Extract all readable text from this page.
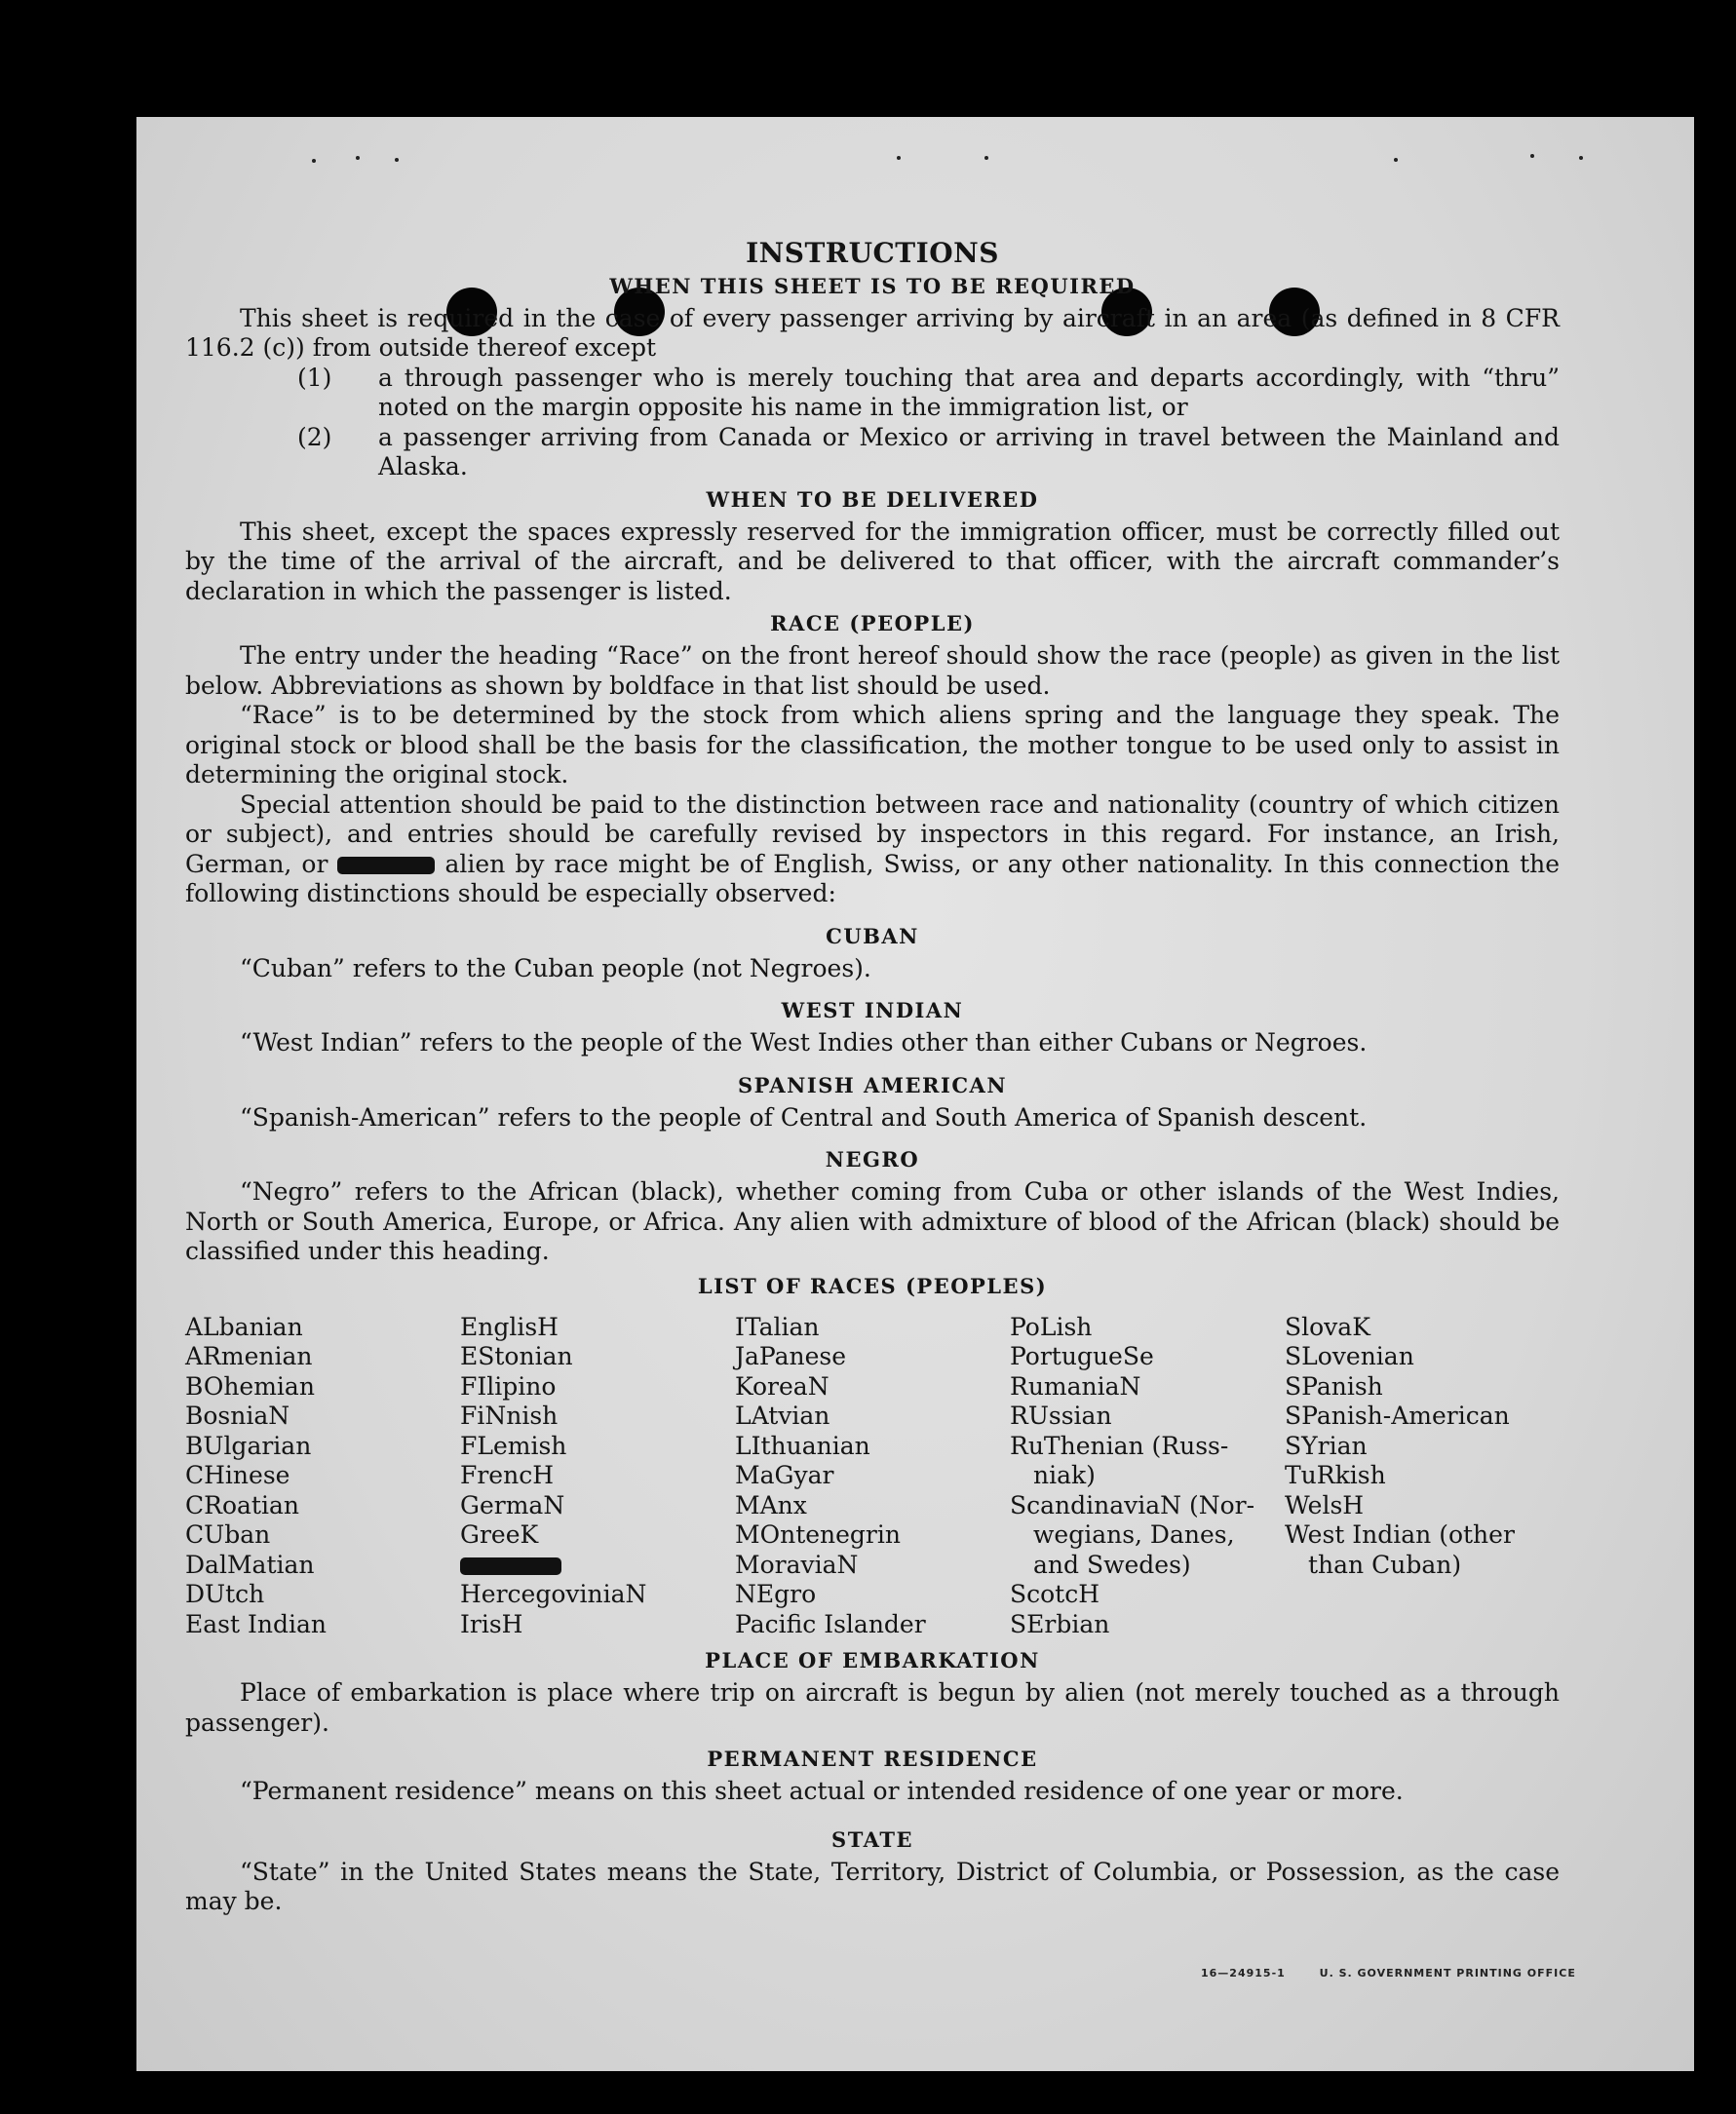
INSTRUCTIONS
WHEN THIS SHEET IS TO BE REQUIRED

This sheet is required in the case of every passenger arriving by aircraft in an area (as defined in 8 CFR 116.2 (c)) from outside thereof except

(1) a through passenger who is merely touching that area and departs accordingly, with “thru” noted on the margin opposite his name in the immigration list, or
(2) a passenger arriving from Canada or Mexico or arriving in travel between the Mainland and Alaska.
WHEN TO BE DELIVERED

This sheet, except the spaces expressly reserved for the immigration officer, must be correctly filled out by the time of the arrival of the aircraft, and be delivered to that officer, with the aircraft commander’s declaration in which the passenger is listed.

RACE (PEOPLE)

The entry under the heading “Race” on the front hereof should show the race (people) as given in the list below. Abbreviations as shown by boldface in that list should be used.

“Race” is to be determined by the stock from which aliens spring and the language they speak. The original stock or blood shall be the basis for the classification, the mother tongue to be used only to assist in determining the original stock.

Special attention should be paid to the distinction between race and nationality (country of which citizen or subject), and entries should be carefully revised by inspectors in this regard. For instance, an Irish, German, or	alien by race might be of English, Swiss, or any other nationality. In this connection the following distinctions should be especially observed:

CUBAN

“Cuban” refers to the Cuban people (not Negroes).

WEST INDIAN

“West Indian” refers to the people of the West Indies other than either Cubans or Negroes.

SPANISH AMERICAN

“Spanish-American” refers to the people of Central and South America of Spanish descent.

NEGRO

“Negro” refers to the African (black), whether coming from Cuba or other islands of the West Indies, North or South America, Europe, or Africa. Any alien with admixture of blood of the African (black) should be classified under this heading.

LIST OF RACES (PEOPLES)
ALbanian
ARmenian
BOhemian
BosniaN
BUlgarian
CHinese
CRoatian
CUban
DalMatian
DUtch
East Indian
EnglisH
EStonian
FIlipino
FiNnish
FLemish
FrencH
GermaN
GreeK
HercegoviniaN
IrisH
ITalian
JaPanese
KoreaN
LAtvian
LIthuanian
MaGyar
MAnx
MOntenegrin
MoraviaN
NEgro
Pacific Islander
PoLish
PortugueSe
RumaniaN
RUssian
RuThenian (Russ-
niak)
ScandinaviaN (Nor-
wegians, Danes,
and Swedes)
ScotcH
SErbian
SlovaK
SLovenian
SPanish
SPanish-American
SYrian
TuRkish
WelsH
West Indian (other
than Cuban)
PLACE OF EMBARKATION

Place of embarkation is place where trip on aircraft is begun by alien (not merely touched as a through passenger).

PERMANENT RESIDENCE

“Permanent residence” means on this sheet actual or intended residence of one year or more.

STATE

“State” in the United States means the State, Territory, District of Columbia, or Possession, as the case may be.

16—24915-1	U. S. GOVERNMENT PRINTING OFFICE
